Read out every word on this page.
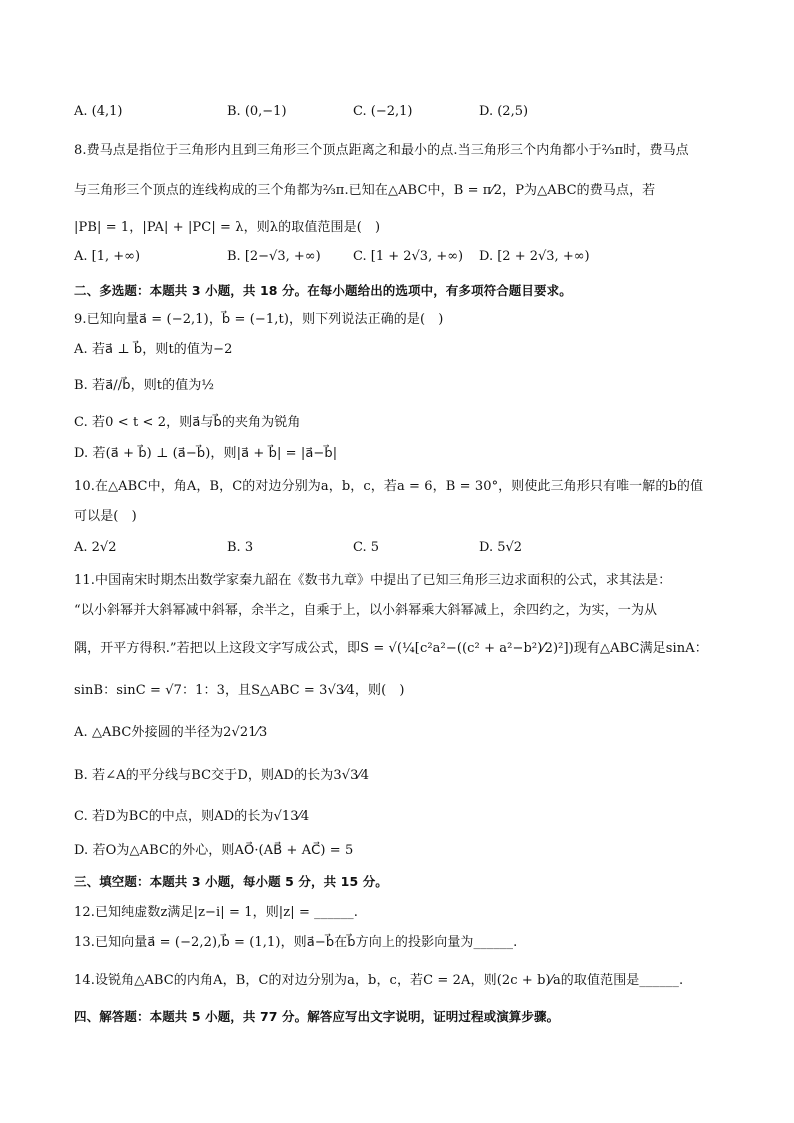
A. (4,1)	B. (0,−1)	C. (−2,1)	D. (2,5)
8.费马点是指位于三角形内且到三角形三个顶点距离之和最小的点.当三角形三个内角都小于²⁄₃π时，费马点
与三角形三个顶点的连线构成的三个角都为²⁄₃π.已知在△ABC中，B = π⁄2，P为△ABC的费马点，若
|PB| = 1，|PA| + |PC| = λ，则λ的取值范围是(　)
A. [1, +∞)	B. [2−√3, +∞) C. [1 + 2√3, +∞) D. [2 + 2√3, +∞)
二、多选题：本题共 3 小题，共 18 分。在每小题给出的选项中，有多项符合题目要求。
9.已知向量a⃗ = (−2,1)，b⃗ = (−1,t)，则下列说法正确的是(　)
A. 若a⃗ ⊥ b⃗，则t的值为−2
B. 若a⃗//b⃗，则t的值为½
C. 若0 < t < 2，则a⃗与b⃗的夹角为锐角
D. 若(a⃗ + b⃗) ⊥ (a⃗−b⃗)，则|a⃗ + b⃗| = |a⃗−b⃗|
10.在△ABC中，角A，B，C的对边分别为a，b，c，若a = 6，B = 30°，则使此三角形只有唯一解的b的值
可以是(　)
A. 2√2	B. 3	C. 5	D. 5√2
11.中国南宋时期杰出数学家秦九韶在《数书九章》中提出了已知三角形三边求面积的公式，求其法是：
“以小斜幂并大斜幂减中斜幂，余半之，自乘于上，以小斜幂乘大斜幂减上，余四约之，为实，一为从
隅，开平方得积.”若把以上这段文字写成公式，即S = √(¼[c²a²−((c² + a²−b²)⁄2)²])现有△ABC满足sinA：
sinB：sinC = √7：1：3，且S△ABC = 3√3⁄4，则(　)
A. △ABC外接圆的半径为2√21⁄3
B. 若∠A的平分线与BC交于D，则AD的长为3√3⁄4
C. 若D为BC的中点，则AD的长为√13⁄4
D. 若O为△ABC的外心，则AO⃗·(AB⃗ + AC⃗) = 5
三、填空题：本题共 3 小题，每小题 5 分，共 15 分。
12.已知纯虚数z满足|z−i| = 1，则|z| = ______.
13.已知向量a⃗ = (−2,2),b⃗ = (1,1)，则a⃗−b⃗在b⃗方向上的投影向量为______.
14.设锐角△ABC的内角A，B，C的对边分别为a，b，c，若C = 2A，则(2c + b)⁄a的取值范围是______.
四、解答题：本题共 5 小题，共 77 分。解答应写出文字说明，证明过程或演算步骤。
